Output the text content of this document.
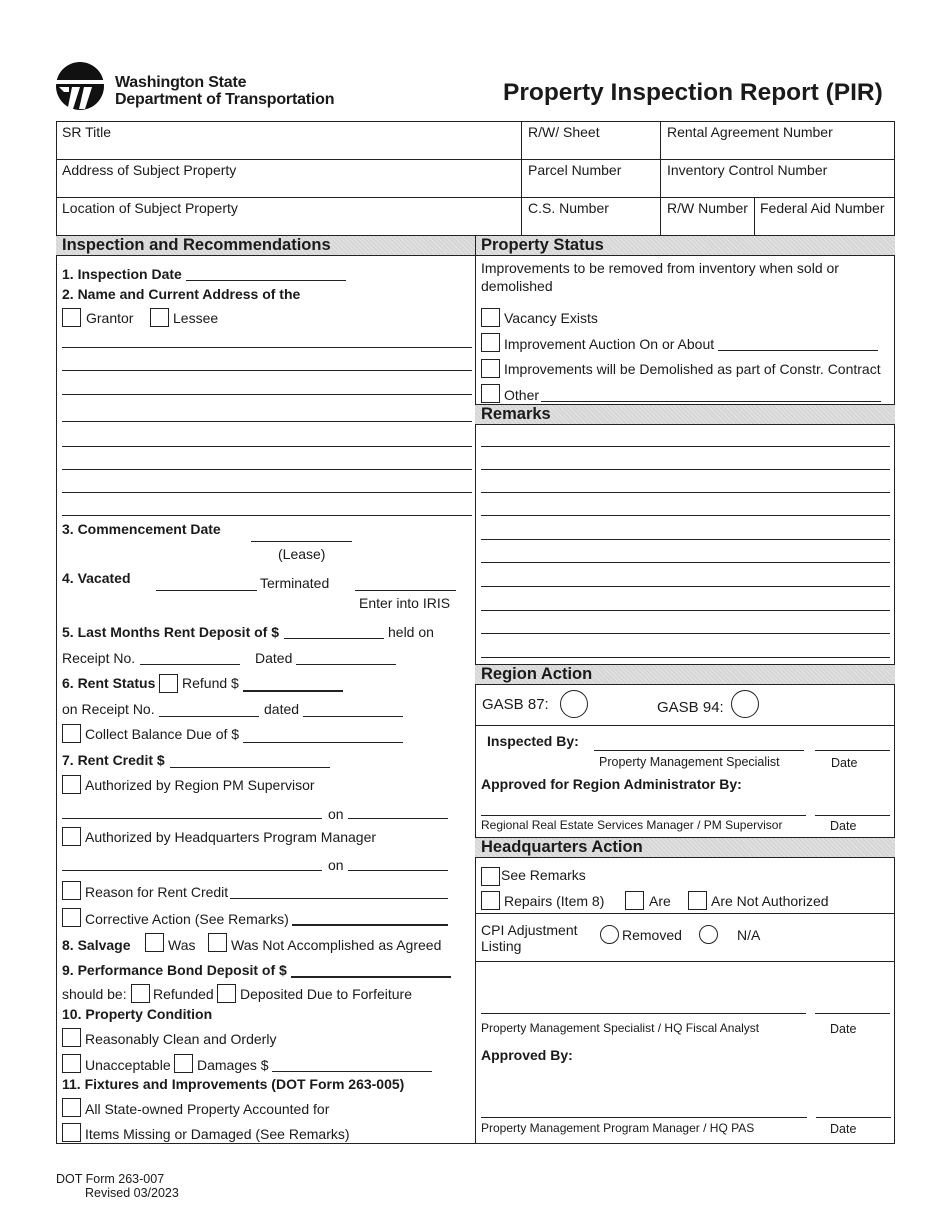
Washington State
Department of Transportation	Property Inspection Report (PIR)
SR Title	R/W/ Sheet	Rental Agreement Number
Address of Subject Property	Parcel Number	Inventory Control Number
Location of Subject Property	C.S. Number	R/W Number Federal Aid Number
Inspection and Recommendations	Property Status
1. Inspection Date
2. Name and Current Address of the
Grantor	Lessee
3. Commencement Date
(Lease)
4. Vacated	Terminated
Enter into IRIS
5. Last Months Rent Deposit of $	held on
Receipt No.	Dated
6. Rent Status Refund $
on Receipt No.	dated
Collect Balance Due of $
7. Rent Credit $
Authorized by Region PM Supervisor
on
Authorized by Headquarters Program Manager
on
Reason for Rent Credit
Corrective Action (See Remarks)
8. Salvage	Was	Was Not Accomplished as Agreed
9. Performance Bond Deposit of $
should be: Refunded Deposited Due to Forfeiture
10. Property Condition
Reasonably Clean and Orderly
Unacceptable Damages $
11. Fixtures and Improvements (DOT Form 263-005)
All State-owned Property Accounted for
Items Missing or Damaged (See Remarks)
Improvements to be removed from inventory when sold or
demolished
Vacancy Exists
Improvement Auction On or About
Improvements will be Demolished as part of Constr. Contract
Other
Remarks
Region Action
GASB 87:	GASB 94:
Inspected By:
Property Management Specialist	Date
Approved for Region Administrator By:
Regional Real Estate Services Manager / PM Supervisor	Date
Headquarters Action
See Remarks
Repairs (Item 8)	Are	Are Not Authorized
CPI Adjustment
Listing
Removed	N/A
Property Management Specialist / HQ Fiscal Analyst	Date
Approved By:
Property Management Program Manager / HQ PAS	Date
DOT Form 263-007
Revised 03/2023
